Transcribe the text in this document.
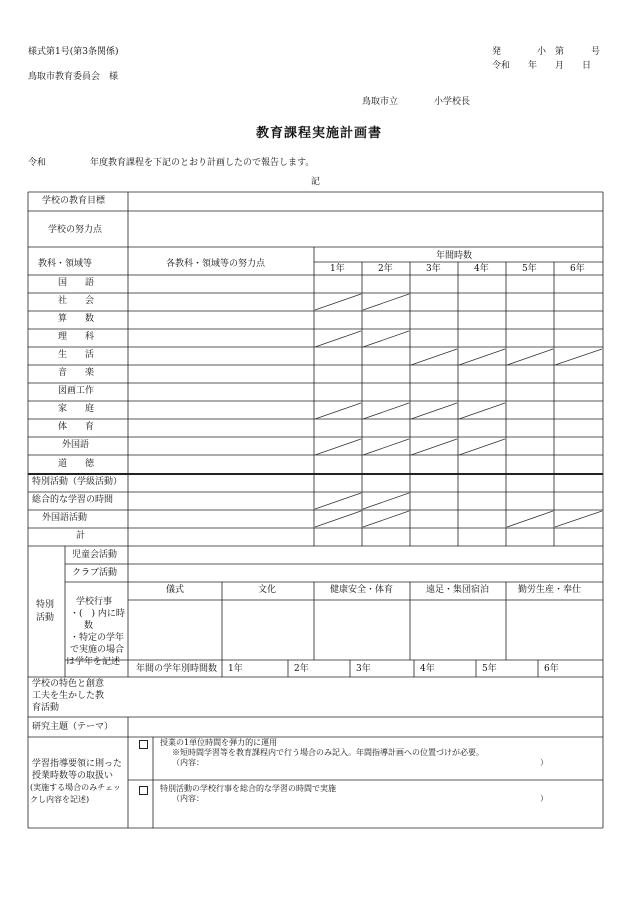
様式第1号(第3条関係)
鳥取市教育委員会　様
発　　　　小　第　　　号
令和　　年　　月　　日
鳥取市立　　　　小学校長
教育課程実施計画書
令和	年度教育課程を下記のとおり計画したので報告します。
記
学校の教育目標
学校の努力点
教科・領域等	各教科・領域等の努力点
年間時数
1年	2年	3年	4年	5年	6年
国　　語
社　　会
算　　数
理　　科
生　　活
音　　楽
図画工作
家　　庭
体　　育
外国語
道　　徳
特別活動（学級活動）
総合的な学習の時間
外国語活動
計
特別
活動
児童会活動
クラブ活動
学校行事
・(　) 内に時
数
・特定の学年
で実施の場合
は学年を記述
儀式	文化	健康安全・体育	遠足・集団宿泊	勤労生産・奉仕
年間の学年別時間数 1年	2年	3年	4年	5年	6年
学校の特色と創意
工夫を生かした教
育活動
研究主題（テーマ）
学習指導要領に則った
授業時数等の取扱い
(実施する場合のみチェッ
クし内容を記述)
授業の1単位時間を弾力的に運用
※短時間学習等を教育課程内で行う場合のみ記入。年間指導計画への位置づけが必要。
（内容：	）
特別活動の学校行事を総合的な学習の時間で実施
（内容：	）
